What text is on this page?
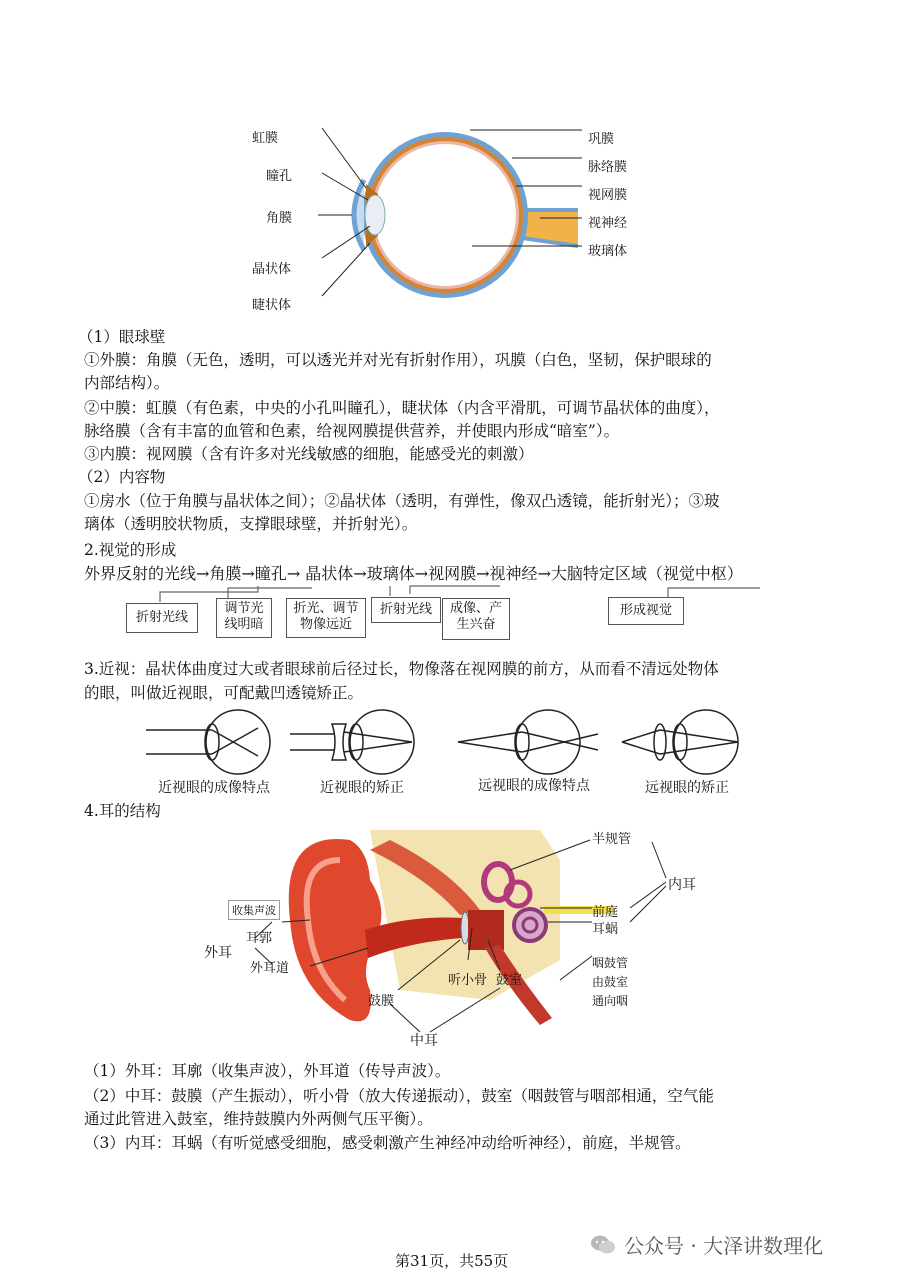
虹膜
瞳孔
角膜
晶状体
睫状体
巩膜
脉络膜
视网膜
视神经
玻璃体
（1）眼球壁
①外膜：角膜（无色，透明，可以透光并对光有折射作用），巩膜（白色，坚韧，保护眼球的
内部结构）。
②中膜：虹膜（有色素，中央的小孔叫瞳孔），睫状体（内含平滑肌，可调节晶状体的曲度），
脉络膜（含有丰富的血管和色素，给视网膜提供营养，并使眼内形成“暗室”）。
③内膜：视网膜（含有许多对光线敏感的细胞，能感受光的刺激）
（2）内容物
①房水（位于角膜与晶状体之间）；②晶状体（透明，有弹性，像双凸透镜，能折射光）；③玻
璃体（透明胶状物质，支撑眼球壁，并折射光）。
2.视觉的形成
外界反射的光线→角膜→瞳孔→ 晶状体→玻璃体→视网膜→视神经→大脑特定区域（视觉中枢）
折射光线
调节光线明暗
折光、调节物像远近
折射光线	成像、产生兴奋
形成视觉
3.近视：晶状体曲度过大或者眼球前后径过长，物像落在视网膜的前方，从而看不清远处物体
的眼，叫做近视眼，可配戴凹透镜矫正。
近视眼的成像特点	近视眼的矫正	远视眼的成像特点	远视眼的矫正
4.耳的结构
半规管
内耳
前庭
耳蜗
收集声波
耳郭
外耳
外耳道
听小骨 鼓室
咽鼓管由鼓室通向咽
鼓膜
中耳
（1）外耳：耳廓（收集声波），外耳道（传导声波）。
（2）中耳：鼓膜（产生振动），听小骨（放大传递振动），鼓室（咽鼓管与咽部相通，空气能
通过此管进入鼓室，维持鼓膜内外两侧气压平衡）。
（3）内耳：耳蜗（有听觉感受细胞，感受刺激产生神经冲动给听神经），前庭，半规管。
公众号 · 大泽讲数理化
第31页，共55页
